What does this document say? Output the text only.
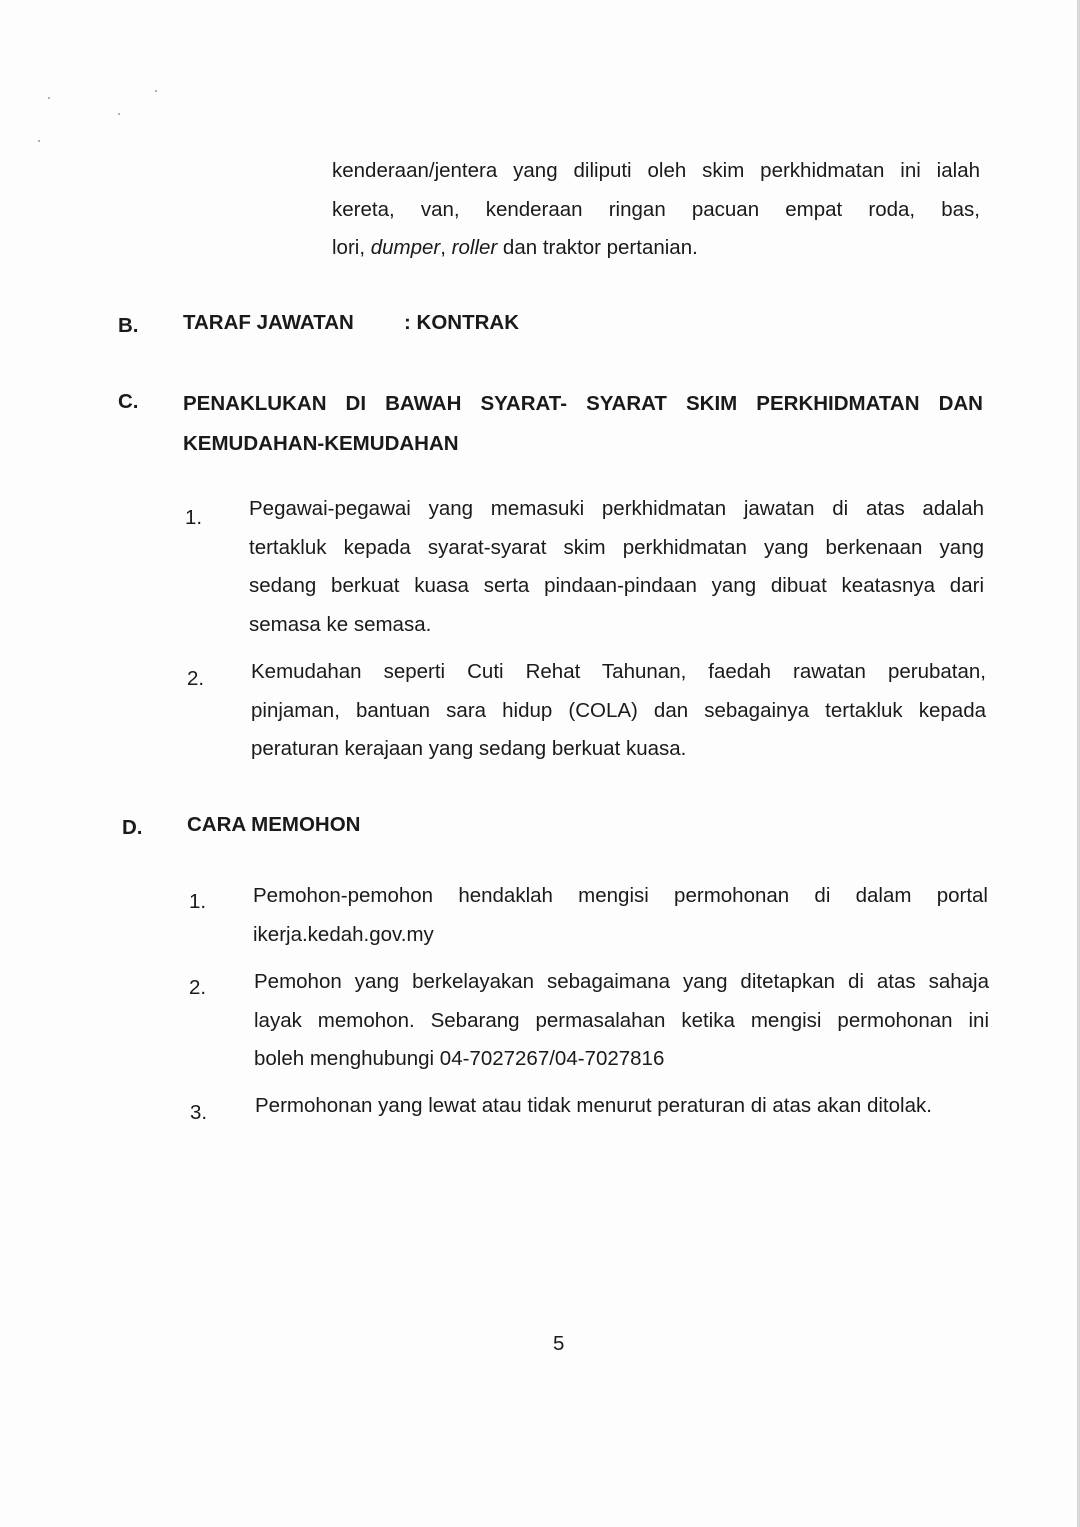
kenderaan/jentera yang diliputi oleh skim perkhidmatan ini ialah
kereta, van, kenderaan ringan pacuan empat roda, bas,
lori, dumper, roller dan traktor pertanian.
B. TARAF JAWATAN : KONTRAK
C. PENAKLUKAN DI BAWAH SYARAT- SYARAT SKIM PERKHIDMATAN DAN
KEMUDAHAN-KEMUDAHAN
1. Pegawai-pegawai yang memasuki perkhidmatan jawatan di atas adalah
tertakluk kepada syarat-syarat skim perkhidmatan yang berkenaan yang
sedang berkuat kuasa serta pindaan-pindaan yang dibuat keatasnya dari
semasa ke semasa.
2. Kemudahan seperti Cuti Rehat Tahunan, faedah rawatan perubatan,
pinjaman, bantuan sara hidup (COLA) dan sebagainya tertakluk kepada
peraturan kerajaan yang sedang berkuat kuasa.
D. CARA MEMOHON
1. Pemohon-pemohon hendaklah mengisi permohonan di dalam portal
ikerja.kedah.gov.my
2. Pemohon yang berkelayakan sebagaimana yang ditetapkan di atas sahaja
layak memohon. Sebarang permasalahan ketika mengisi permohonan ini
boleh menghubungi 04-7027267/04-7027816
3. Permohonan yang lewat atau tidak menurut peraturan di atas akan ditolak.
5
